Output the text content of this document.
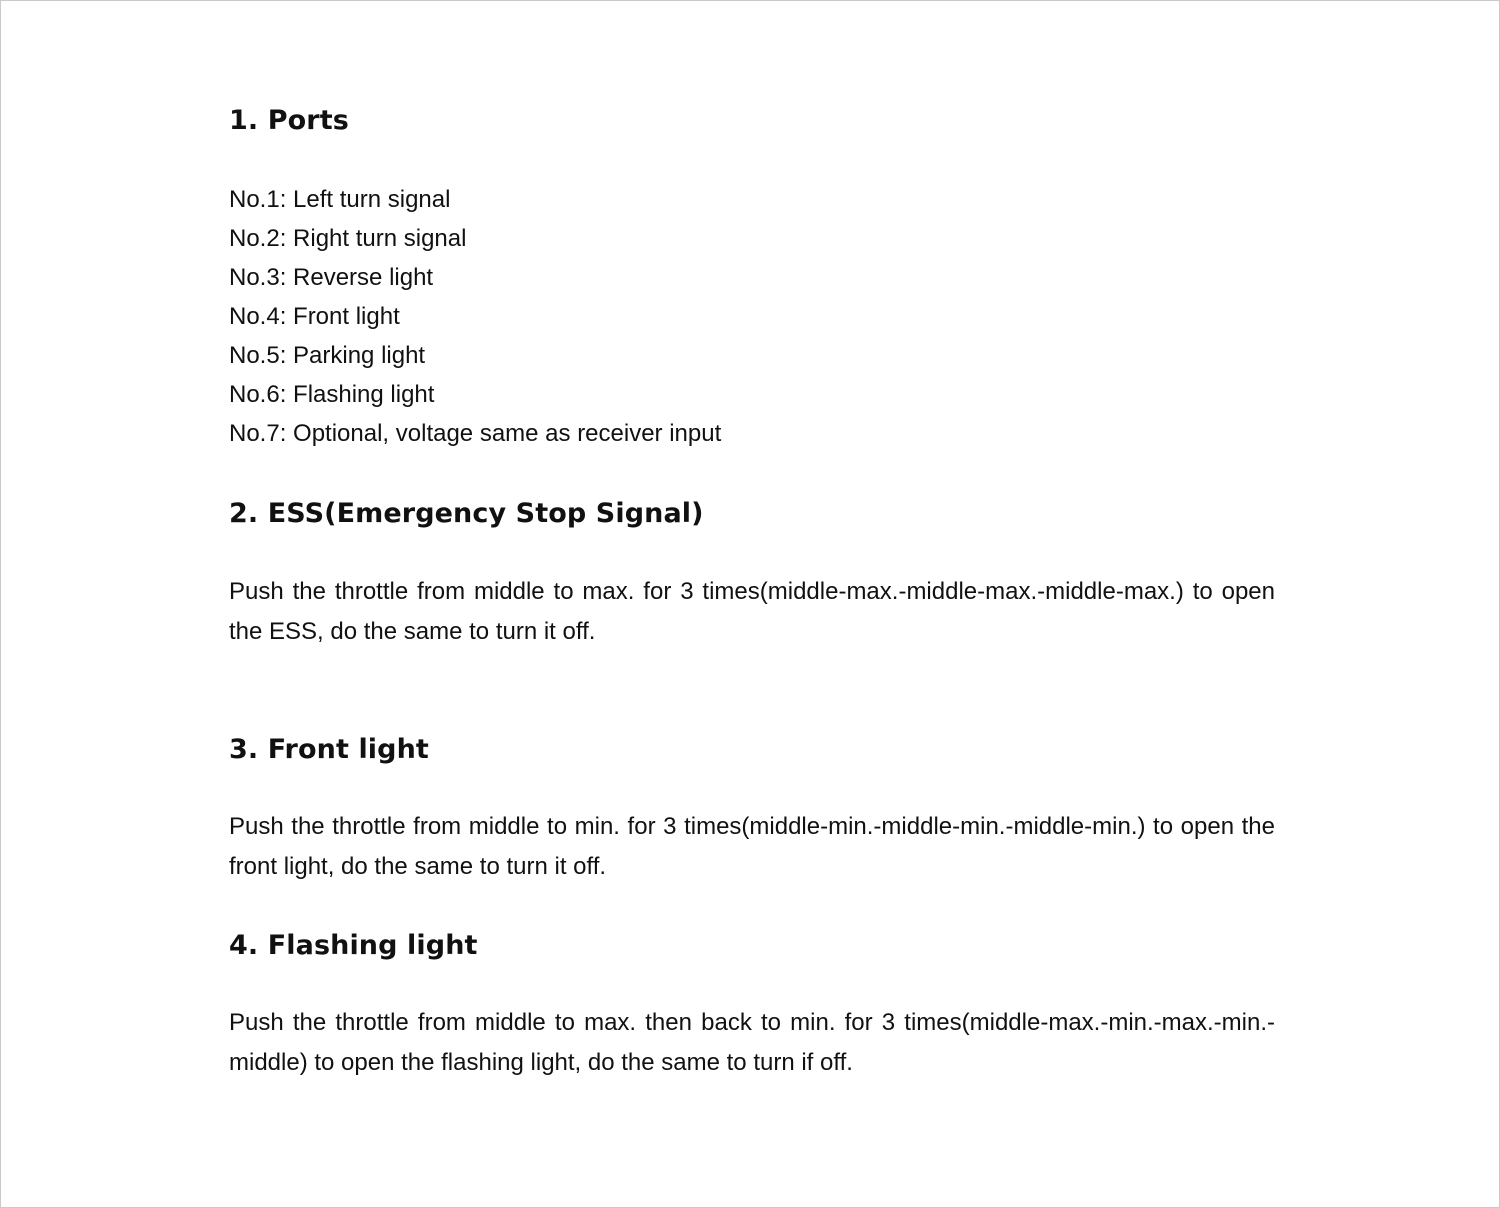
1. Ports
No.1: Left turn signal
No.2: Right turn signal
No.3: Reverse light
No.4: Front light
No.5: Parking light
No.6: Flashing light
No.7: Optional, voltage same as receiver input
2. ESS(Emergency Stop Signal)

Push the throttle from middle to max. for 3 times(middle-max.-middle-max.-middle-max.) to open the ESS, do the same to turn it off.

3. Front light

Push the throttle from middle to min. for 3 times(middle-min.-middle-min.-middle-min.) to open the front light, do the same to turn it off.

4. Flashing light

Push the throttle from middle to max. then back to min. for 3 times(middle-max.-min.-max.-min.-middle) to open the flashing light, do the same to turn if off.
